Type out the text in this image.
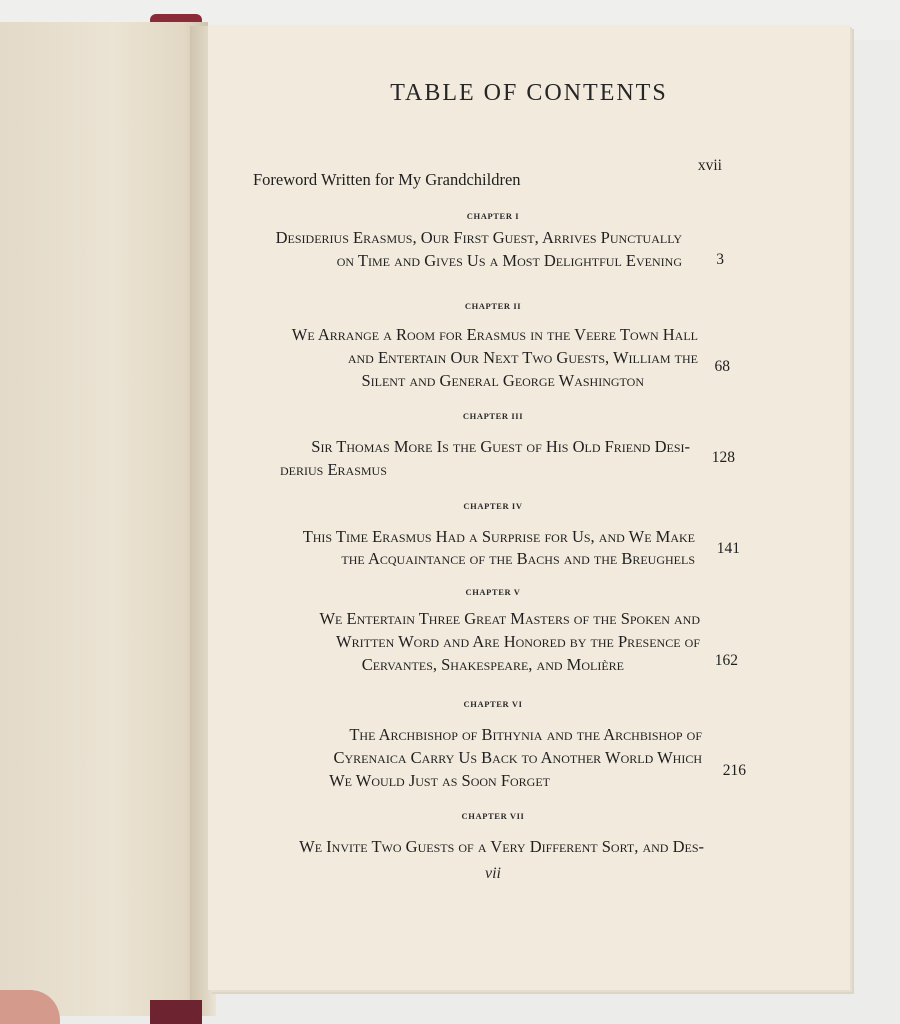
TABLE OF CONTENTS
Foreword Written for My Grandchildren
xvii
CHAPTER I
Desiderius Erasmus, Our First Guest, Arrives Punctually
on Time and Gives Us a Most Delightful Evening 3
CHAPTER II
We Arrange a Room for Erasmus in the Veere Town Hall
and Entertain Our Next Two Guests, William the
Silent and General George Washington
68
CHAPTER III
Sir Thomas More Is the Guest of His Old Friend Desi-
derius Erasmus
128
CHAPTER IV
This Time Erasmus Had a Surprise for Us, and We Make
the Acquaintance of the Bachs and the Breughels
141
CHAPTER V
We Entertain Three Great Masters of the Spoken and
Written Word and Are Honored by the Presence of
Cervantes, Shakespeare, and Molière	162
CHAPTER VI
The Archbishop of Bithynia and the Archbishop of
Cyrenaica Carry Us Back to Another World Which
We Would Just as Soon Forget
216
CHAPTER VII
We Invite Two Guests of a Very Different Sort, and Des-
vii
